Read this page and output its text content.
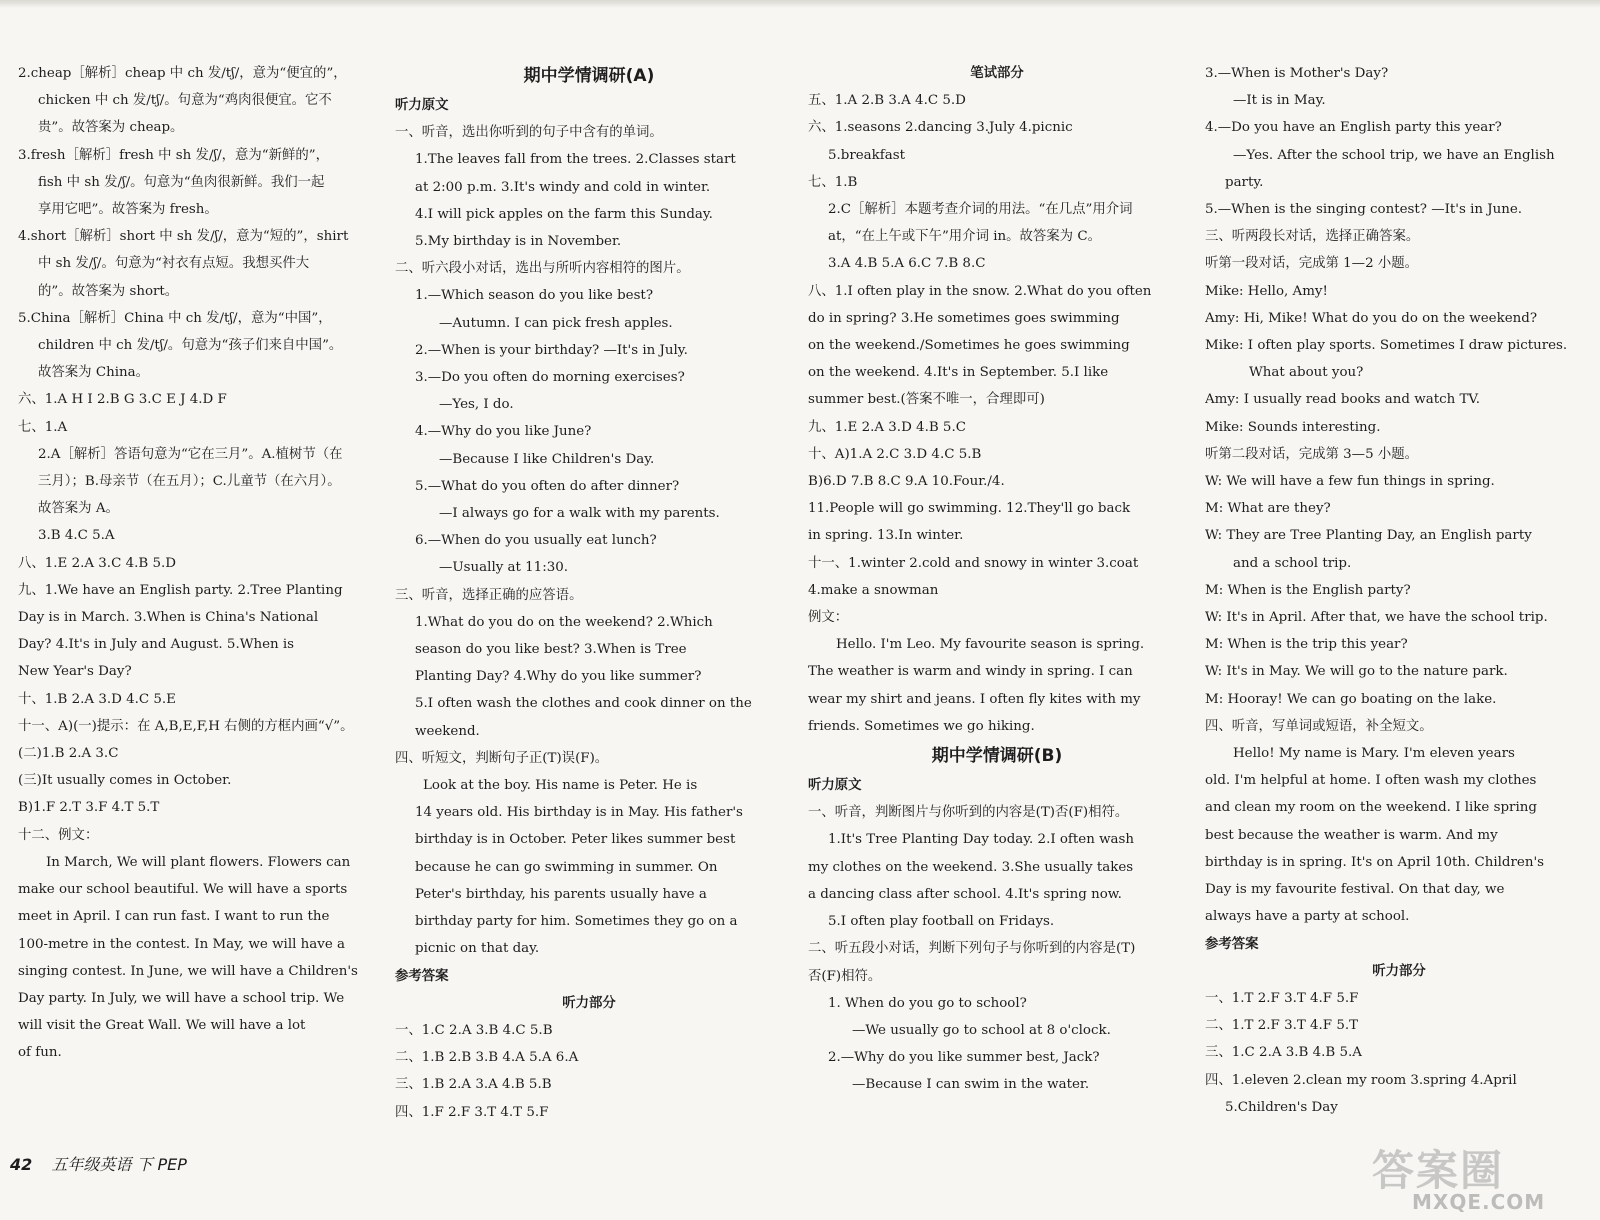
2.cheap［解析］cheap 中 ch 发/tʃ/，意为“便宜的”，
chicken 中 ch 发/tʃ/。句意为“鸡肉很便宜。它不
贵”。故答案为 cheap。
3.fresh［解析］fresh 中 sh 发/ʃ/，意为“新鲜的”，
fish 中 sh 发/ʃ/。句意为“鱼肉很新鲜。我们一起
享用它吧”。故答案为 fresh。
4.short［解析］short 中 sh 发/ʃ/，意为“短的”，shirt
中 sh 发/ʃ/。句意为“衬衣有点短。我想买件大
的”。故答案为 short。
5.China［解析］China 中 ch 发/tʃ/，意为“中国”，
children 中 ch 发/tʃ/。句意为“孩子们来自中国”。
故答案为 China。
六、1.A H I 2.B G 3.C E J 4.D F
七、1.A
2.A［解析］答语句意为“它在三月”。A.植树节（在
三月）；B.母亲节（在五月）；C.儿童节（在六月）。
故答案为 A。
3.B 4.C 5.A
八、1.E 2.A 3.C 4.B 5.D
九、1.We have an English party. 2.Tree Planting
Day is in March. 3.When is China's National
Day? 4.It's in July and August. 5.When is
New Year's Day?
十、1.B 2.A 3.D 4.C 5.E
十一、A)(一)提示：在 A,B,E,F,H 右侧的方框内画“√”。
(二)1.B 2.A 3.C
(三)It usually comes in October.
B)1.F 2.T 3.F 4.T 5.T
十二、例文：
In March, We will plant flowers. Flowers can
make our school beautiful. We will have a sports
meet in April. I can run fast. I want to run the
100-metre in the contest. In May, we will have a
singing contest. In June, we will have a Children's
Day party. In July, we will have a school trip. We
will visit the Great Wall. We will have a lot
of fun.
期中学情调研(A)
听力原文
一、听音，选出你听到的句子中含有的单词。
1.The leaves fall from the trees. 2.Classes start
at 2:00 p.m. 3.It's windy and cold in winter.
4.I will pick apples on the farm this Sunday.
5.My birthday is in November.
二、听六段小对话，选出与所听内容相符的图片。
1.—Which season do you like best?
—Autumn. I can pick fresh apples.
2.—When is your birthday? —It's in July.
3.—Do you often do morning exercises?
—Yes, I do.
4.—Why do you like June?
—Because I like Children's Day.
5.—What do you often do after dinner?
—I always go for a walk with my parents.
6.—When do you usually eat lunch?
—Usually at 11:30.
三、听音，选择正确的应答语。
1.What do you do on the weekend? 2.Which
season do you like best? 3.When is Tree
Planting Day? 4.Why do you like summer?
5.I often wash the clothes and cook dinner on the
weekend.
四、听短文，判断句子正(T)误(F)。
Look at the boy. His name is Peter. He is
14 years old. His birthday is in May. His father's
birthday is in October. Peter likes summer best
because he can go swimming in summer. On
Peter's birthday, his parents usually have a
birthday party for him. Sometimes they go on a
picnic on that day.
参考答案
听力部分
一、1.C 2.A 3.B 4.C 5.B
二、1.B 2.B 3.B 4.A 5.A 6.A
三、1.B 2.A 3.A 4.B 5.B
四、1.F 2.F 3.T 4.T 5.F
笔试部分
五、1.A 2.B 3.A 4.C 5.D
六、1.seasons 2.dancing 3.July 4.picnic
5.breakfast
七、1.B
2.C［解析］本题考查介词的用法。“在几点”用介词
at，“在上午或下午”用介词 in。故答案为 C。
3.A 4.B 5.A 6.C 7.B 8.C
八、1.I often play in the snow. 2.What do you often
do in spring? 3.He sometimes goes swimming
on the weekend./Sometimes he goes swimming
on the weekend. 4.It's in September. 5.I like
summer best.(答案不唯一，合理即可)
九、1.E 2.A 3.D 4.B 5.C
十、A)1.A 2.C 3.D 4.C 5.B
B)6.D 7.B 8.C 9.A 10.Four./4.
11.People will go swimming. 12.They'll go back
in spring. 13.In winter.
十一、1.winter 2.cold and snowy in winter 3.coat
4.make a snowman
例文：
Hello. I'm Leo. My favourite season is spring.
The weather is warm and windy in spring. I can
wear my shirt and jeans. I often fly kites with my
friends. Sometimes we go hiking.
期中学情调研(B)
听力原文
一、听音，判断图片与你听到的内容是(T)否(F)相符。
1.It's Tree Planting Day today. 2.I often wash
my clothes on the weekend. 3.She usually takes
a dancing class after school. 4.It's spring now.
5.I often play football on Fridays.
二、听五段小对话，判断下列句子与你听到的内容是(T)
否(F)相符。
1. When do you go to school?
—We usually go to school at 8 o'clock.
2.—Why do you like summer best, Jack?
—Because I can swim in the water.
3.—When is Mother's Day?
—It is in May.
4.—Do you have an English party this year?
—Yes. After the school trip, we have an English
party.
5.—When is the singing contest? —It's in June.
三、听两段长对话，选择正确答案。
听第一段对话，完成第 1—2 小题。
Mike: Hello, Amy!
Amy: Hi, Mike! What do you do on the weekend?
Mike: I often play sports. Sometimes I draw pictures.
What about you?
Amy: I usually read books and watch TV.
Mike: Sounds interesting.
听第二段对话，完成第 3—5 小题。
W: We will have a few fun things in spring.
M: What are they?
W: They are Tree Planting Day, an English party
and a school trip.
M: When is the English party?
W: It's in April. After that, we have the school trip.
M: When is the trip this year?
W: It's in May. We will go to the nature park.
M: Hooray! We can go boating on the lake.
四、听音，写单词或短语，补全短文。
Hello! My name is Mary. I'm eleven years
old. I'm helpful at home. I often wash my clothes
and clean my room on the weekend. I like spring
best because the weather is warm. And my
birthday is in spring. It's on April 10th. Children's
Day is my favourite festival. On that day, we
always have a party at school.
参考答案
听力部分
一、1.T 2.F 3.T 4.F 5.F
二、1.T 2.F 3.T 4.F 5.T
三、1.C 2.A 3.B 4.B 5.A
四、1.eleven 2.clean my room 3.spring 4.April
5.Children's Day
42 五年级英语 下 PEP	答案圈
MXQE.COM
